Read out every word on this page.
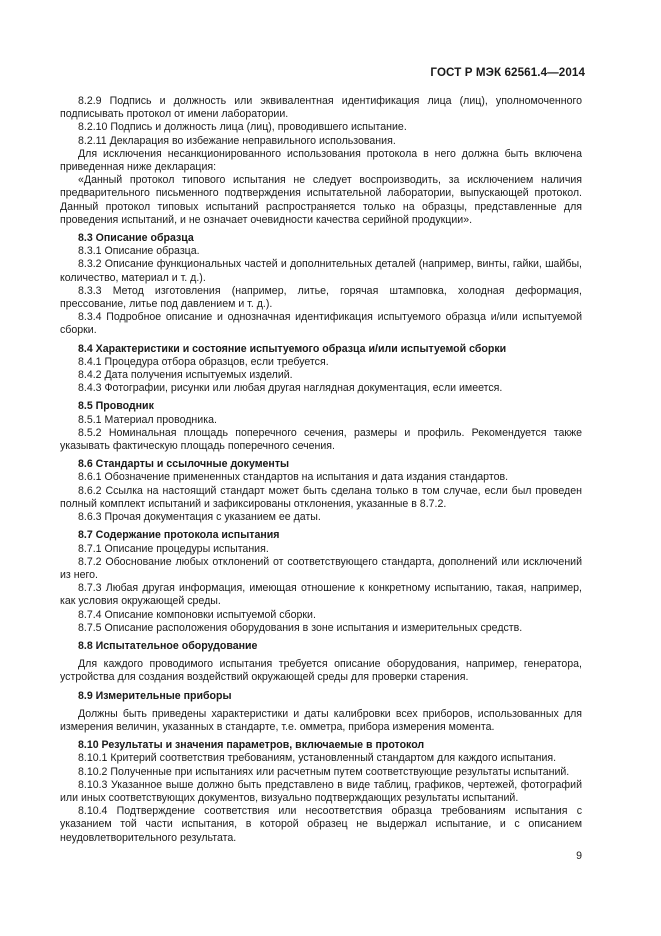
ГОСТ Р МЭК 62561.4—2014

8.2.9 Подпись и должность или эквивалентная идентификация лица (лиц), уполномоченного подписывать протокол от имени лаборатории.

8.2.10 Подпись и должность лица (лиц), проводившего испытание.

8.2.11 Декларация во избежание неправильного использования.

Для исключения несанкционированного использования протокола в него должна быть включена приведенная ниже декларация:

«Данный протокол типового испытания не следует воспроизводить, за исключением наличия предварительного письменного подтверждения испытательной лаборатории, выпускающей протокол. Данный протокол типовых испытаний распространяется только на образцы, представленные для проведения испытаний, и не означает очевидности качества серийной продукции».

8.3 Описание образца

8.3.1 Описание образца.

8.3.2 Описание функциональных частей и дополнительных деталей (например, винты, гайки, шайбы, количество, материал и т. д.).

8.3.3 Метод изготовления (например, литье, горячая штамповка, холодная деформация, прессование, литье под давлением и т. д.).

8.3.4 Подробное описание и однозначная идентификация испытуемого образца и/или испытуемой сборки.

8.4 Характеристики и состояние испытуемого образца и/или испытуемой сборки

8.4.1 Процедура отбора образцов, если требуется.

8.4.2 Дата получения испытуемых изделий.

8.4.3 Фотографии, рисунки или любая другая наглядная документация, если имеется.

8.5 Проводник

8.5.1 Материал проводника.

8.5.2 Номинальная площадь поперечного сечения, размеры и профиль. Рекомендуется также указывать фактическую площадь поперечного сечения.

8.6 Стандарты и ссылочные документы

8.6.1 Обозначение примененных стандартов на испытания и дата издания стандартов.

8.6.2 Ссылка на настоящий стандарт может быть сделана только в том случае, если был проведен полный комплект испытаний и зафиксированы отклонения, указанные в 8.7.2.

8.6.3 Прочая документация с указанием ее даты.

8.7 Содержание протокола испытания

8.7.1 Описание процедуры испытания.

8.7.2 Обоснование любых отклонений от соответствующего стандарта, дополнений или исключений из него.

8.7.3 Любая другая информация, имеющая отношение к конкретному испытанию, такая, например, как условия окружающей среды.

8.7.4 Описание компоновки испытуемой сборки.

8.7.5 Описание расположения оборудования в зоне испытания и измерительных средств.

8.8 Испытательное оборудование

Для каждого проводимого испытания требуется описание оборудования, например, генератора, устройства для создания воздействий окружающей среды для проверки старения.

8.9 Измерительные приборы

Должны быть приведены характеристики и даты калибровки всех приборов, использованных для измерения величин, указанных в стандарте, т.е. омметра, прибора измерения момента.

8.10 Результаты и значения параметров, включаемые в протокол

8.10.1 Критерий соответствия требованиям, установленный стандартом для каждого испытания.

8.10.2 Полученные при испытаниях или расчетным путем соответствующие результаты испытаний.

8.10.3 Указанное выше должно быть представлено в виде таблиц, графиков, чертежей, фотографий или иных соответствующих документов, визуально подтверждающих результаты испытаний.

8.10.4 Подтверждение соответствия или несоответствия образца требованиям испытания с указанием той части испытания, в которой образец не выдержал испытание, и с описанием неудовлетворительного результата.

9
